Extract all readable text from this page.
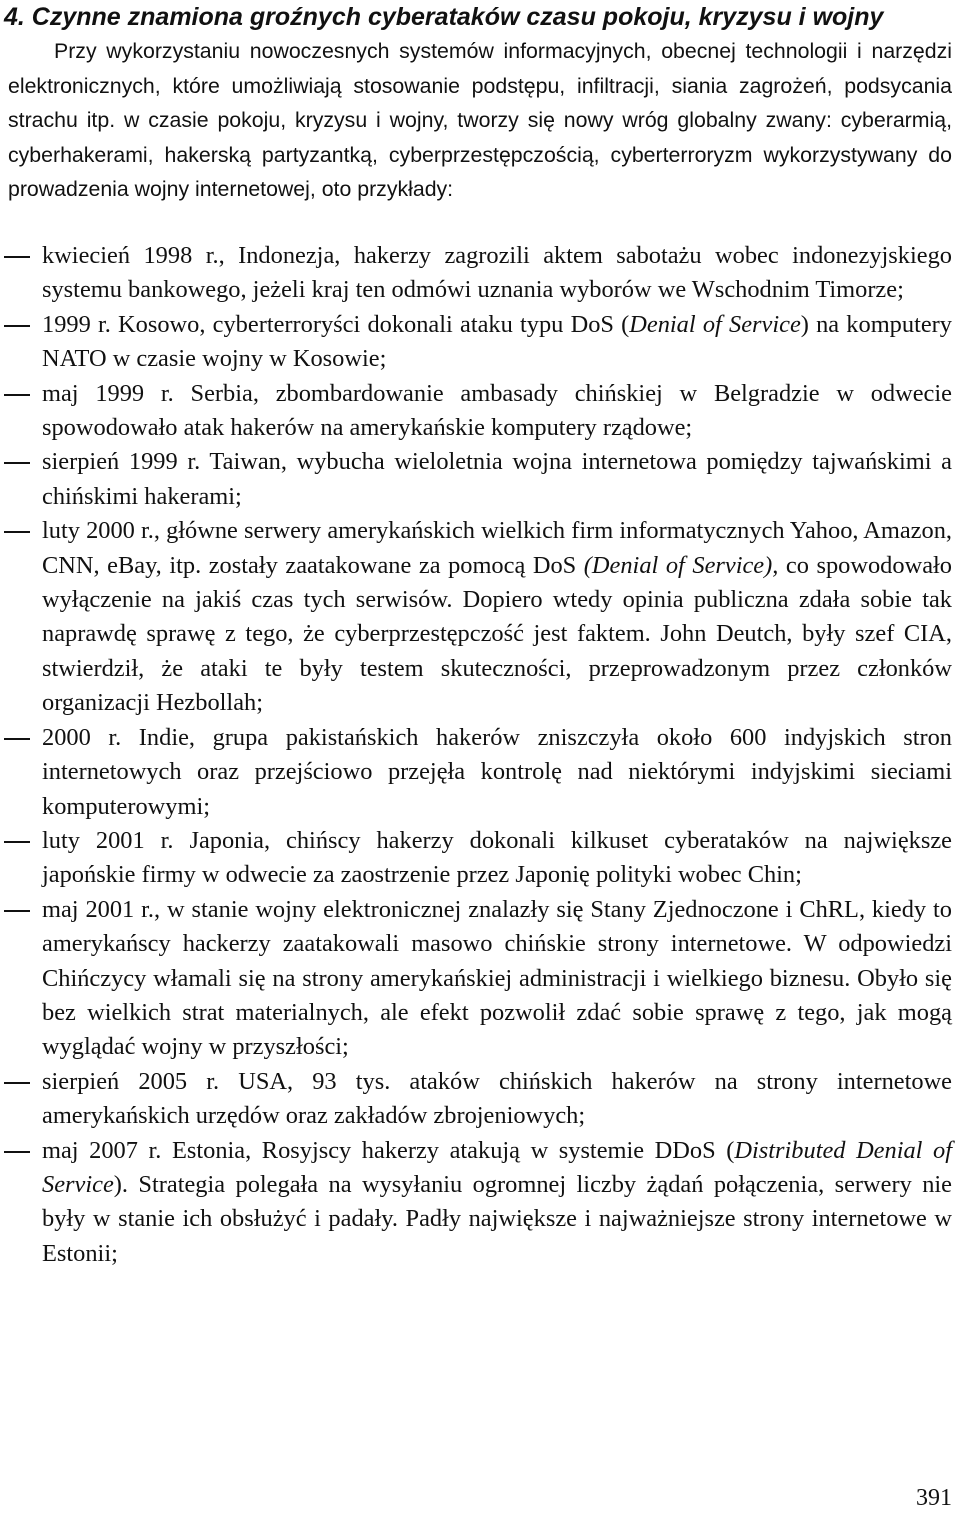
4. Czynne znamiona groźnych cyberataków czasu pokoju, kryzysu i wojny

Przy wykorzystaniu nowoczesnych systemów informacyjnych, obecnej technologii i narzędzi elektronicznych, które umożliwiają stosowanie podstępu, infiltracji, siania zagrożeń, podsycania strachu itp. w czasie pokoju, kryzysu i wojny, tworzy się nowy wróg globalny zwany: cyberarmią, cyberhakerami, hakerską partyzantką, cyberprzestępczością, cyberterroryzm wykorzystywany do prowadzenia wojny internetowej, oto przykłady:

kwiecień 1998 r., Indonezja, hakerzy zagrozili aktem sabotażu wobec indonezyjskiego systemu bankowego, jeżeli kraj ten odmówi uznania wyborów we Wschodnim Timorze;
1999 r. Kosowo, cyberterroryści dokonali ataku typu DoS (Denial of Service) na komputery NATO w czasie wojny w Kosowie;
maj 1999 r. Serbia, zbombardowanie ambasady chińskiej w Belgradzie w odwecie spowodowało atak hakerów na amerykańskie komputery rządowe;
sierpień 1999 r. Taiwan, wybucha wieloletnia wojna internetowa pomiędzy tajwańskimi a chińskimi hakerami;
luty 2000 r., główne serwery amerykańskich wielkich firm informatycznych Yahoo, Amazon, CNN, eBay, itp. zostały zaatakowane za pomocą DoS (Denial of Service), co spowodowało wyłączenie na jakiś czas tych serwisów. Dopiero wtedy opinia publiczna zdała sobie tak naprawdę sprawę z tego, że cyberprzestępczość jest faktem. John Deutch, były szef CIA, stwierdził, że ataki te były testem skuteczności, przeprowadzonym przez członków organizacji Hezbollah;
2000 r. Indie, grupa pakistańskich hakerów zniszczyła około 600 indyjskich stron internetowych oraz przejściowo przejęła kontrolę nad niektórymi indyjskimi sieciami komputerowymi;
luty 2001 r. Japonia, chińscy hakerzy dokonali kilkuset cyberataków na największe japońskie firmy w odwecie za zaostrzenie przez Japonię polityki wobec Chin;
maj 2001 r., w stanie wojny elektronicznej znalazły się Stany Zjednoczone i ChRL, kiedy to amerykańscy hackerzy zaatakowali masowo chińskie strony internetowe. W odpowiedzi Chińczycy włamali się na strony amerykańskiej administracji i wielkiego biznesu. Obyło się bez wielkich strat materialnych, ale efekt pozwolił zdać sobie sprawę z tego, jak mogą wyglądać wojny w przyszłości;
sierpień 2005 r. USA, 93 tys. ataków chińskich hakerów na strony internetowe amerykańskich urzędów oraz zakładów zbrojeniowych;
maj 2007 r. Estonia, Rosyjscy hakerzy atakują w systemie DDoS (Distributed Denial of Service). Strategia polegała na wysyłaniu ogromnej liczby żądań połączenia, serwery nie były w stanie ich obsłużyć i padały. Padły największe i najważniejsze strony internetowe w Estonii;
391
